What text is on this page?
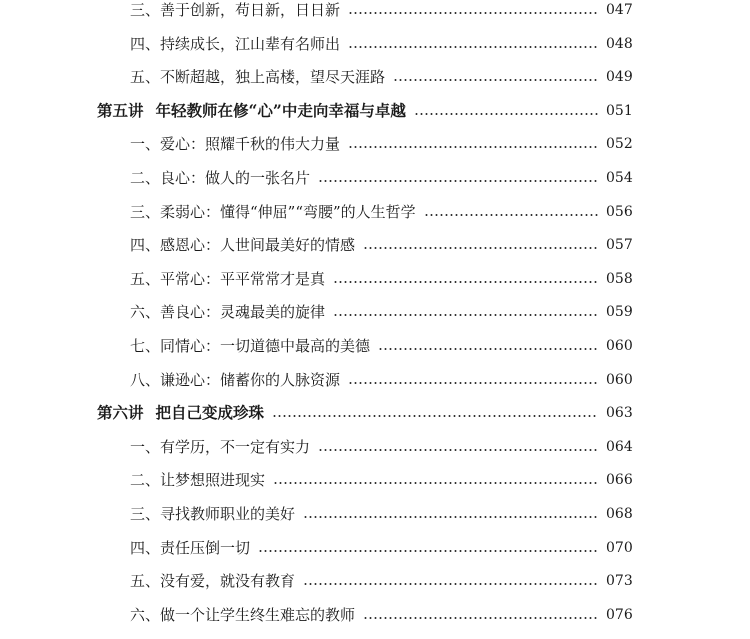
三、善于创新，苟日新，日日新	047
四、持续成长，江山辈有名师出	048
五、不断超越，独上高楼，望尽天涯路	049
第五讲 年轻教师在修“心”中走向幸福与卓越	051
一、爱心：照耀千秋的伟大力量	052
二、良心：做人的一张名片	054
三、柔弱心：懂得“伸屈”“弯腰”的人生哲学	056
四、感恩心：人世间最美好的情感	057
五、平常心：平平常常才是真	058
六、善良心：灵魂最美的旋律	059
七、同情心：一切道德中最高的美德	060
八、谦逊心：储蓄你的人脉资源	060
第六讲 把自己变成珍珠	063
一、有学历，不一定有实力	064
二、让梦想照进现实	066
三、寻找教师职业的美好	068
四、责任压倒一切	070
五、没有爱，就没有教育	073
六、做一个让学生终生难忘的教师	076
